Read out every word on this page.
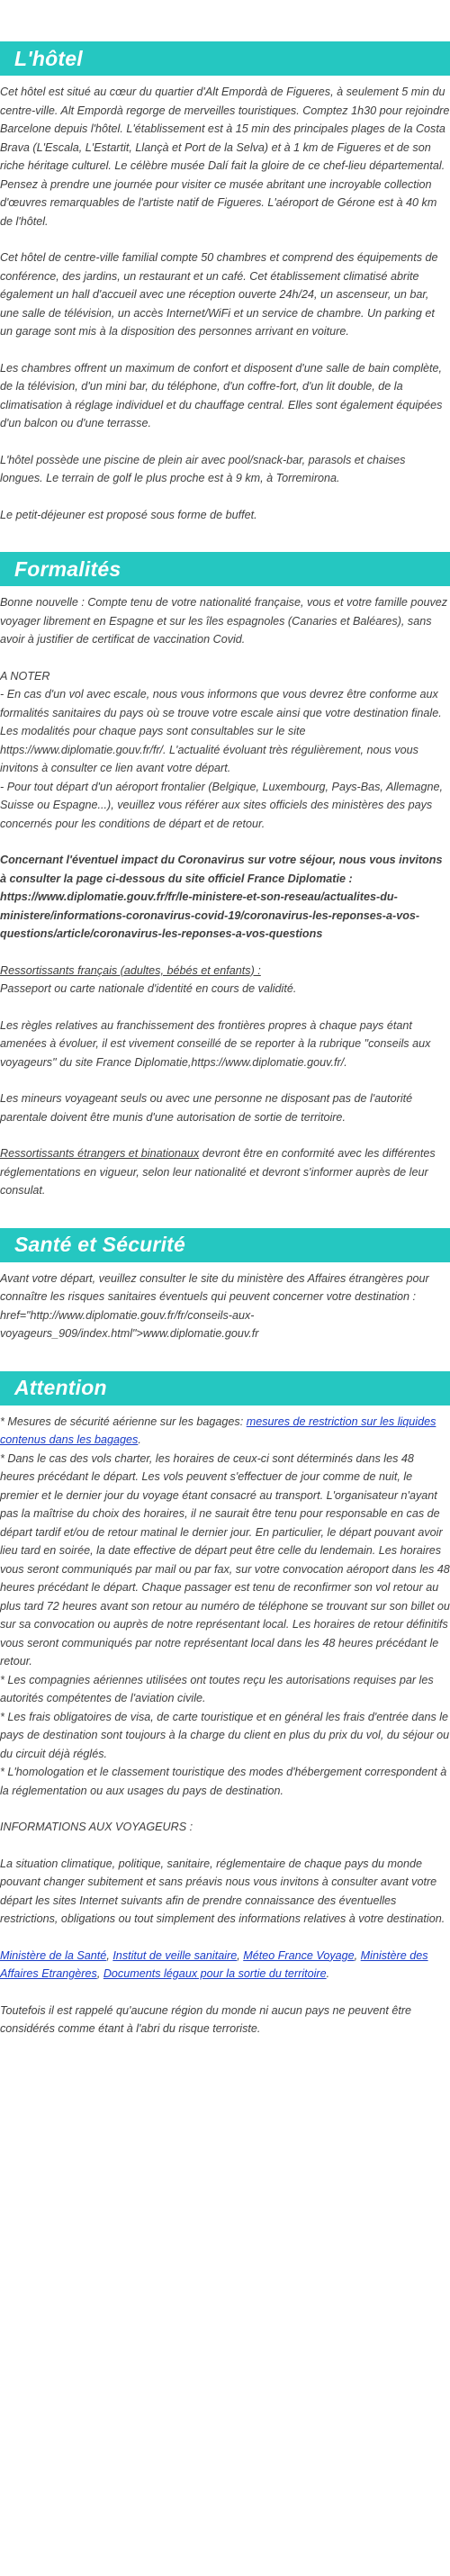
L'hôtel

Cet hôtel est situé au cœur du quartier d'Alt Empordà de Figueres, à seulement 5 min du centre-ville. Alt Empordà regorge de merveilles touristiques. Comptez 1h30 pour rejoindre Barcelone depuis l'hôtel. L'établissement est à 15 min des principales plages de la Costa Brava (L'Escala, L'Estartit, Llançà et Port de la Selva) et à 1 km de Figueres et de son riche héritage culturel. Le célèbre musée Dalí fait la gloire de ce chef-lieu départemental. Pensez à prendre une journée pour visiter ce musée abritant une incroyable collection d'œuvres remarquables de l'artiste natif de Figueres. L'aéroport de Gérone est à 40 km de l'hôtel.

Cet hôtel de centre-ville familial compte 50 chambres et comprend des équipements de conférence, des jardins, un restaurant et un café. Cet établissement climatisé abrite également un hall d'accueil avec une réception ouverte 24h/24, un ascenseur, un bar, une salle de télévision, un accès Internet/WiFi et un service de chambre. Un parking et un garage sont mis à la disposition des personnes arrivant en voiture.

Les chambres offrent un maximum de confort et disposent d'une salle de bain complète, de la télévision, d'un mini bar, du téléphone, d'un coffre-fort, d'un lit double, de la climatisation à réglage individuel et du chauffage central. Elles sont également équipées d'un balcon ou d'une terrasse.

L'hôtel possède une piscine de plein air avec pool/snack-bar, parasols et chaises longues. Le terrain de golf le plus proche est à 9 km, à Torremirona.

Le petit-déjeuner est proposé sous forme de buffet.

Formalités

Bonne nouvelle : Compte tenu de votre nationalité française, vous et votre famille pouvez voyager librement en Espagne et sur les îles espagnoles (Canaries et Baléares), sans avoir à justifier de certificat de vaccination Covid.

A NOTER

- En cas d'un vol avec escale, nous vous informons que vous devrez être conforme aux formalités sanitaires du pays où se trouve votre escale ainsi que votre destination finale.

Les modalités pour chaque pays sont consultables sur le site https://www.diplomatie.gouv.fr/fr/. L'actualité évoluant très régulièrement, nous vous invitons à consulter ce lien avant votre départ.

- Pour tout départ d'un aéroport frontalier (Belgique, Luxembourg, Pays-Bas, Allemagne, Suisse ou Espagne...), veuillez vous référer aux sites officiels des ministères des pays concernés pour les conditions de départ et de retour.

Concernant l'éventuel impact du Coronavirus sur votre séjour, nous vous invitons à consulter la page ci-dessous du site officiel France Diplomatie : https://www.diplomatie.gouv.fr/fr/le-ministere-et-son-reseau/actualites-du-ministere/informations-coronavirus-covid-19/coronavirus-les-reponses-a-vos-questions/article/coronavirus-les-reponses-a-vos-questions

Ressortissants français (adultes, bébés et enfants) :

Passeport ou carte nationale d'identité en cours de validité.

Les règles relatives au franchissement des frontières propres à chaque pays étant amenées à évoluer, il est vivement conseillé de se reporter à la rubrique "conseils aux voyageurs" du site France Diplomatie,https://www.diplomatie.gouv.fr/.

Les mineurs voyageant seuls ou avec une personne ne disposant pas de l'autorité parentale doivent être munis d'une autorisation de sortie de territoire.

Ressortissants étrangers et binationaux devront être en conformité avec les différentes réglementations en vigueur, selon leur nationalité et devront s'informer auprès de leur consulat.

Santé et Sécurité

Avant votre départ, veuillez consulter le site du ministère des Affaires étrangères pour connaître les risques sanitaires éventuels qui peuvent concerner votre destination : href="http://www.diplomatie.gouv.fr/fr/conseils-aux-voyageurs_909/index.html">www.diplomatie.gouv.fr

Attention

* Mesures de sécurité aérienne sur les bagages: mesures de restriction sur les liquides contenus dans les bagages.

* Dans le cas des vols charter, les horaires de ceux-ci sont déterminés dans les 48 heures précédant le départ. Les vols peuvent s'effectuer de jour comme de nuit, le premier et le dernier jour du voyage étant consacré au transport. L'organisateur n'ayant pas la maîtrise du choix des horaires, il ne saurait être tenu pour responsable en cas de départ tardif et/ou de retour matinal le dernier jour. En particulier, le départ pouvant avoir lieu tard en soirée, la date effective de départ peut être celle du lendemain. Les horaires vous seront communiqués par mail ou par fax, sur votre convocation aéroport dans les 48 heures précédant le départ. Chaque passager est tenu de reconfirmer son vol retour au plus tard 72 heures avant son retour au numéro de téléphone se trouvant sur son billet ou sur sa convocation ou auprès de notre représentant local. Les horaires de retour définitifs vous seront communiqués par notre représentant local dans les 48 heures précédant le retour.

* Les compagnies aériennes utilisées ont toutes reçu les autorisations requises par les autorités compétentes de l'aviation civile.

* Les frais obligatoires de visa, de carte touristique et en général les frais d'entrée dans le pays de destination sont toujours à la charge du client en plus du prix du vol, du séjour ou du circuit déjà réglés.

* L'homologation et le classement touristique des modes d'hébergement correspondent à la réglementation ou aux usages du pays de destination.

INFORMATIONS AUX VOYAGEURS :

La situation climatique, politique, sanitaire, réglementaire de chaque pays du monde pouvant changer subitement et sans préavis nous vous invitons à consulter avant votre départ les sites Internet suivants afin de prendre connaissance des éventuelles restrictions, obligations ou tout simplement des informations relatives à votre destination.

Ministère de la Santé, Institut de veille sanitaire, Méteo France Voyage, Ministère des Affaires Etrangères, Documents légaux pour la sortie du territoire.

Toutefois il est rappelé qu'aucune région du monde ni aucun pays ne peuvent être considérés comme étant à l'abri du risque terroriste.
